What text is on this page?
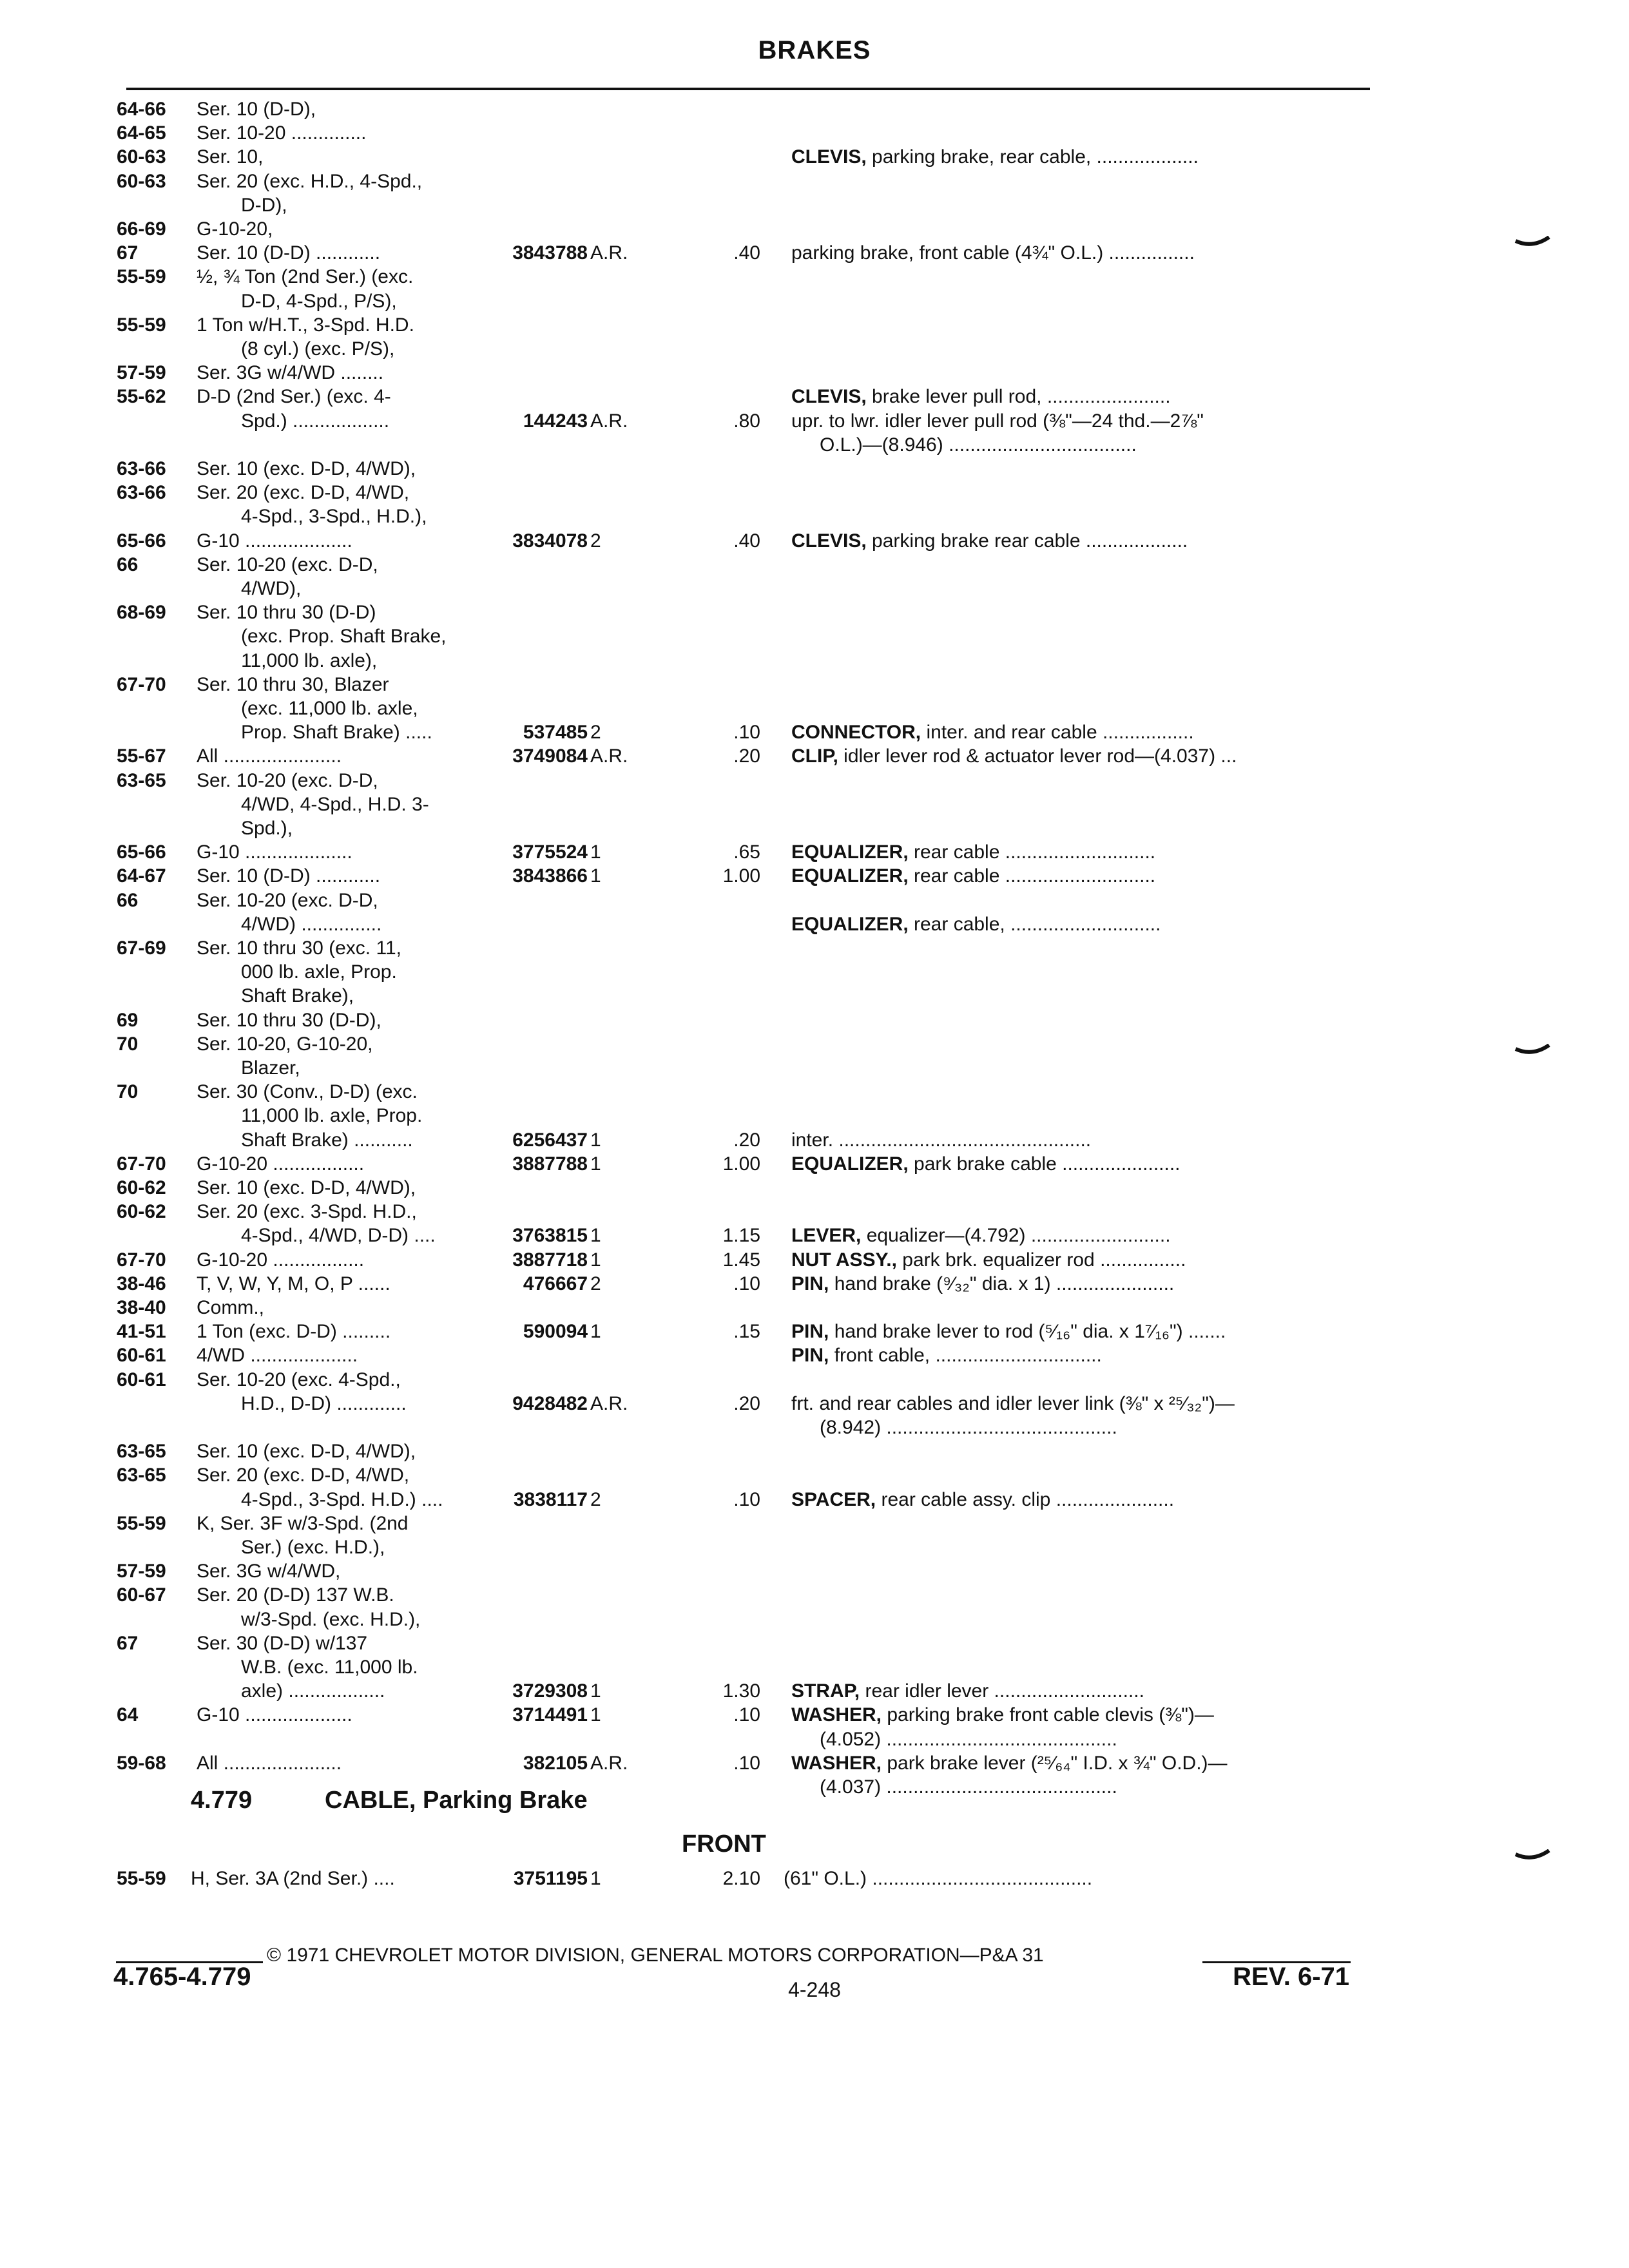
BRAKES
64-66 Ser. 10 (D-D),
64-65 Ser. 10-20 ..............
60-63 Ser. 10,	CLEVIS, parking brake, rear cable, ...................
60-63 Ser. 20 (exc. H.D., 4-Spd.,
D-D),
66-69 G-10-20,
67	Ser. 10 (D-D) ............	3843788 A.R.	.40 parking brake, front cable (4¾" O.L.) ................
55-59 ½, ¾ Ton (2nd Ser.) (exc.
D-D, 4-Spd., P/S),
55-59 1 Ton w/H.T., 3-Spd. H.D.
(8 cyl.) (exc. P/S),
57-59 Ser. 3G w/4/WD ........
55-62 D-D (2nd Ser.) (exc. 4-	CLEVIS, brake lever pull rod, .......................
Spd.) ..................	144243 A.R.	.80 upr. to lwr. idler lever pull rod (⅜"—24 thd.—2⅞"
O.L.)—(8.946) ...................................
63-66 Ser. 10 (exc. D-D, 4/WD),
63-66 Ser. 20 (exc. D-D, 4/WD,
4-Spd., 3-Spd., H.D.),
65-66 G-10 ....................	3834078 2	.40 CLEVIS, parking brake rear cable ...................
66	Ser. 10-20 (exc. D-D,
4/WD),
68-69 Ser. 10 thru 30 (D-D)
(exc. Prop. Shaft Brake,
11,000 lb. axle),
67-70 Ser. 10 thru 30, Blazer
(exc. 11,000 lb. axle,
Prop. Shaft Brake) .....	537485 2	.10 CONNECTOR, inter. and rear cable .................
55-67 All ......................	3749084 A.R.	.20 CLIP, idler lever rod & actuator lever rod—(4.037) ...
63-65 Ser. 10-20 (exc. D-D,
4/WD, 4-Spd., H.D. 3-
Spd.),
65-66 G-10 ....................	3775524 1	.65 EQUALIZER, rear cable ............................
64-67 Ser. 10 (D-D) ............	3843866 1	1.00 EQUALIZER, rear cable ............................
66	Ser. 10-20 (exc. D-D,
4/WD) ...............	EQUALIZER, rear cable, ............................
67-69 Ser. 10 thru 30 (exc. 11,
000 lb. axle, Prop.
Shaft Brake),
69	Ser. 10 thru 30 (D-D),
70	Ser. 10-20, G-10-20,
Blazer,
70	Ser. 30 (Conv., D-D) (exc.
11,000 lb. axle, Prop.
Shaft Brake) ...........	6256437 1	.20 inter. ...............................................
67-70 G-10-20 .................	3887788 1	1.00 EQUALIZER, park brake cable ......................
60-62 Ser. 10 (exc. D-D, 4/WD),
60-62 Ser. 20 (exc. 3-Spd. H.D.,
4-Spd., 4/WD, D-D) ....	3763815 1	1.15 LEVER, equalizer—(4.792) ..........................
67-70 G-10-20 .................	3887718 1	1.45 NUT ASSY., park brk. equalizer rod ................
38-46 T, V, W, Y, M, O, P ......	476667 2	.10 PIN, hand brake (⁹⁄₃₂" dia. x 1) ......................
38-40 Comm.,
41-51 1 Ton (exc. D-D) .........	590094 1	.15 PIN, hand brake lever to rod (⁵⁄₁₆" dia. x 1⁷⁄₁₆") .......
60-61 4/WD ....................	PIN, front cable, ...............................
60-61 Ser. 10-20 (exc. 4-Spd.,
H.D., D-D) .............	9428482 A.R.	.20 frt. and rear cables and idler lever link (⅜" x ²⁵⁄₃₂")—
(8.942) ...........................................
63-65 Ser. 10 (exc. D-D, 4/WD),
63-65 Ser. 20 (exc. D-D, 4/WD,
4-Spd., 3-Spd. H.D.) ....	3838117 2	.10 SPACER, rear cable assy. clip ......................
55-59 K, Ser. 3F w/3-Spd. (2nd
Ser.) (exc. H.D.),
57-59 Ser. 3G w/4/WD,
60-67 Ser. 20 (D-D) 137 W.B.
w/3-Spd. (exc. H.D.),
67	Ser. 30 (D-D) w/137
W.B. (exc. 11,000 lb.
axle) ..................	3729308 1	1.30 STRAP, rear idler lever ............................
64	G-10 ....................	3714491 1	.10 WASHER, parking brake front cable clevis (⅜")—
(4.052) ...........................................
59-68 All ......................	382105 A.R.	.10 WASHER, park brake lever (²⁵⁄₆₄" I.D. x ¾" O.D.)—
(4.037) ...........................................
4.779	CABLE, Parking Brake
FRONT
55-59 H, Ser. 3A (2nd Ser.) ....	3751195 1	2.10 (61" O.L.) .........................................
© 1971 CHEVROLET MOTOR DIVISION, GENERAL MOTORS CORPORATION—P&A 31
4.765-4.779	4-248	REV. 6-71
